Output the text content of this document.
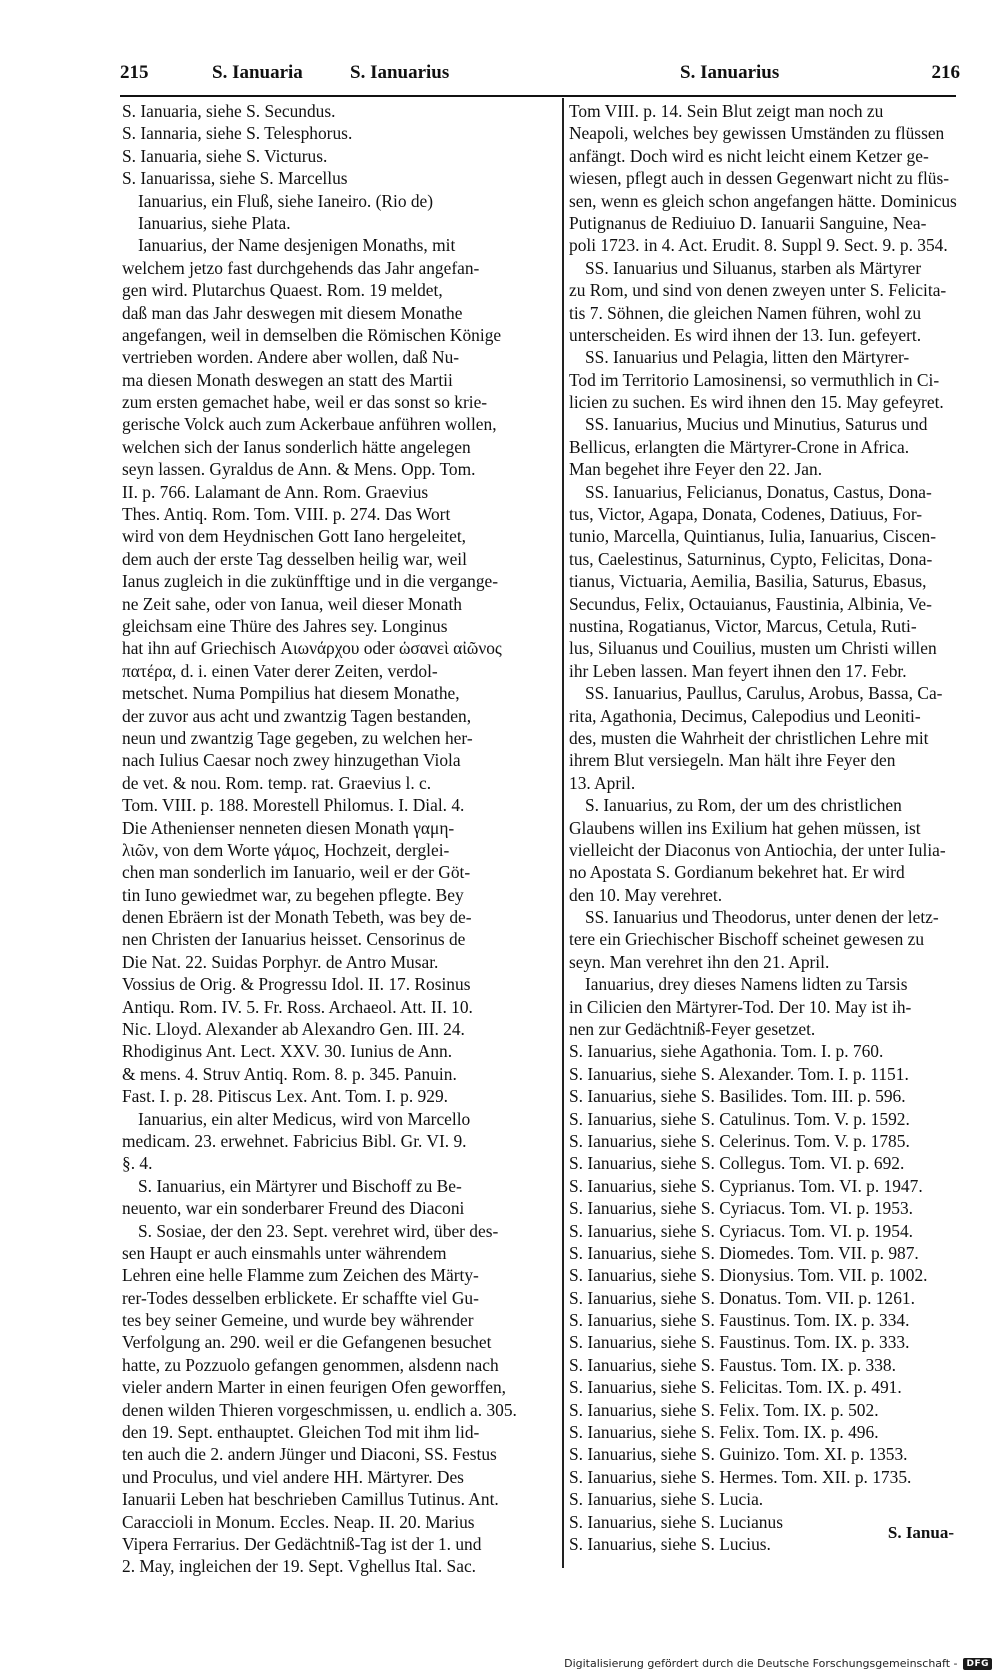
215	S. Ianuaria S. Ianuarius	S. Ianuarius	216
S. Ianuaria, siehe S. Secundus.
S. Iannaria, siehe S. Telesphorus.
S. Ianuaria, siehe S. Victurus.
S. Ianuarissa, siehe S. Marcellus
Ianuarius, ein Fluß, siehe Ianeiro. (Rio de)
Ianuarius, siehe Plata.
Ianuarius, der Name desjenigen Monaths, mit
welchem jetzo fast durchgehends das Jahr angefan-
gen wird. Plutarchus Quaest. Rom. 19 meldet,
daß man das Jahr deswegen mit diesem Monathe
angefangen, weil in demselben die Römischen Könige
vertrieben worden. Andere aber wollen, daß Nu-
ma diesen Monath deswegen an statt des Martii
zum ersten gemachet habe, weil er das sonst so krie-
gerische Volck auch zum Ackerbaue anführen wollen,
welchen sich der Ianus sonderlich hätte angelegen
seyn lassen. Gyraldus de Ann. & Mens. Opp. Tom.
II. p. 766. Lalamant de Ann. Rom. Graevius
Thes. Antiq. Rom. Tom. VIII. p. 274. Das Wort
wird von dem Heydnischen Gott Iano hergeleitet,
dem auch der erste Tag desselben heilig war, weil
Ianus zugleich in die zukünfftige und in die vergange-
ne Zeit sahe, oder von Ianua, weil dieser Monath
gleichsam eine Thüre des Jahres sey. Longinus
hat ihn auf Griechisch Αιωνάρχου oder ὡσανεὶ αἰῶνος
πατέρα, d. i. einen Vater derer Zeiten, verdol-
metschet. Numa Pompilius hat diesem Monathe,
der zuvor aus acht und zwantzig Tagen bestanden,
neun und zwantzig Tage gegeben, zu welchen her-
nach Iulius Caesar noch zwey hinzugethan Viola
de vet. & nou. Rom. temp. rat. Graevius l. c.
Tom. VIII. p. 188. Morestell Philomus. I. Dial. 4.
Die Athenienser nenneten diesen Monath γαμη-
λιῶν, von dem Worte γάμος, Hochzeit, derglei-
chen man sonderlich im Ianuario, weil er der Göt-
tin Iuno gewiedmet war, zu begehen pflegte. Bey
denen Ebräern ist der Monath Tebeth, was bey de-
nen Christen der Ianuarius heisset. Censorinus de
Die Nat. 22. Suidas Porphyr. de Antro Musar.
Vossius de Orig. & Progressu Idol. II. 17. Rosinus
Antiqu. Rom. IV. 5. Fr. Ross. Archaeol. Att. II. 10.
Nic. Lloyd. Alexander ab Alexandro Gen. III. 24.
Rhodiginus Ant. Lect. XXV. 30. Iunius de Ann.
& mens. 4. Struv Antiq. Rom. 8. p. 345. Panuin.
Fast. I. p. 28. Pitiscus Lex. Ant. Tom. I. p. 929.
Ianuarius, ein alter Medicus, wird von Marcello
medicam. 23. erwehnet. Fabricius Bibl. Gr. VI. 9.
§. 4.
S. Ianuarius, ein Märtyrer und Bischoff zu Be-
neuento, war ein sonderbarer Freund des Diaconi
S. Sosiae, der den 23. Sept. verehret wird, über des-
sen Haupt er auch einsmahls unter währendem
Lehren eine helle Flamme zum Zeichen des Märty-
rer-Todes desselben erblickete. Er schaffte viel Gu-
tes bey seiner Gemeine, und wurde bey währender
Verfolgung an. 290. weil er die Gefangenen besuchet
hatte, zu Pozzuolo gefangen genommen, alsdenn nach
vieler andern Marter in einen feurigen Ofen geworffen,
denen wilden Thieren vorgeschmissen, u. endlich a. 305.
den 19. Sept. enthauptet. Gleichen Tod mit ihm lid-
ten auch die 2. andern Jünger und Diaconi, SS. Festus
und Proculus, und viel andere HH. Märtyrer. Des
Ianuarii Leben hat beschrieben Camillus Tutinus. Ant.
Caraccioli in Monum. Eccles. Neap. II. 20. Marius
Vipera Ferrarius. Der Gedächtniß-Tag ist der 1. und
2. May, ingleichen der 19. Sept. Vghellus Ital. Sac.
Tom VIII. p. 14. Sein Blut zeigt man noch zu
Neapoli, welches bey gewissen Umständen zu flüssen
anfängt. Doch wird es nicht leicht einem Ketzer ge-
wiesen, pflegt auch in dessen Gegenwart nicht zu flüs-
sen, wenn es gleich schon angefangen hätte. Dominicus
Putignanus de Rediuiuo D. Ianuarii Sanguine, Nea-
poli 1723. in 4. Act. Erudit. 8. Suppl 9. Sect. 9. p. 354.
SS. Ianuarius und Siluanus, starben als Märtyrer
zu Rom, und sind von denen zweyen unter S. Felicita-
tis 7. Söhnen, die gleichen Namen führen, wohl zu
unterscheiden. Es wird ihnen der 13. Iun. gefeyert.
SS. Ianuarius und Pelagia, litten den Märtyrer-
Tod im Territorio Lamosinensi, so vermuthlich in Ci-
licien zu suchen. Es wird ihnen den 15. May gefeyret.
SS. Ianuarius, Mucius und Minutius, Saturus und
Bellicus, erlangten die Märtyrer-Crone in Africa.
Man begehet ihre Feyer den 22. Jan.
SS. Ianuarius, Felicianus, Donatus, Castus, Dona-
tus, Victor, Agapa, Donata, Codenes, Datiuus, For-
tunio, Marcella, Quintianus, Iulia, Ianuarius, Ciscen-
tus, Caelestinus, Saturninus, Cypto, Felicitas, Dona-
tianus, Victuaria, Aemilia, Basilia, Saturus, Ebasus,
Secundus, Felix, Octauianus, Faustinia, Albinia, Ve-
nustina, Rogatianus, Victor, Marcus, Cetula, Ruti-
lus, Siluanus und Couilius, musten um Christi willen
ihr Leben lassen. Man feyert ihnen den 17. Febr.
SS. Ianuarius, Paullus, Carulus, Arobus, Bassa, Ca-
rita, Agathonia, Decimus, Calepodius und Leoniti-
des, musten die Wahrheit der christlichen Lehre mit
ihrem Blut versiegeln. Man hält ihre Feyer den
13. April.
S. Ianuarius, zu Rom, der um des christlichen
Glaubens willen ins Exilium hat gehen müssen, ist
vielleicht der Diaconus von Antiochia, der unter Iulia-
no Apostata S. Gordianum bekehret hat. Er wird
den 10. May verehret.
SS. Ianuarius und Theodorus, unter denen der letz-
tere ein Griechischer Bischoff scheinet gewesen zu
seyn. Man verehret ihn den 21. April.
Ianuarius, drey dieses Namens lidten zu Tarsis
in Cilicien den Märtyrer-Tod. Der 10. May ist ih-
nen zur Gedächtniß-Feyer gesetzet.
S. Ianuarius, siehe Agathonia. Tom. I. p. 760.
S. Ianuarius, siehe S. Alexander. Tom. I. p. 1151.
S. Ianuarius, siehe S. Basilides. Tom. III. p. 596.
S. Ianuarius, siehe S. Catulinus. Tom. V. p. 1592.
S. Ianuarius, siehe S. Celerinus. Tom. V. p. 1785.
S. Ianuarius, siehe S. Collegus. Tom. VI. p. 692.
S. Ianuarius, siehe S. Cyprianus. Tom. VI. p. 1947.
S. Ianuarius, siehe S. Cyriacus. Tom. VI. p. 1953.
S. Ianuarius, siehe S. Cyriacus. Tom. VI. p. 1954.
S. Ianuarius, siehe S. Diomedes. Tom. VII. p. 987.
S. Ianuarius, siehe S. Dionysius. Tom. VII. p. 1002.
S. Ianuarius, siehe S. Donatus. Tom. VII. p. 1261.
S. Ianuarius, siehe S. Faustinus. Tom. IX. p. 334.
S. Ianuarius, siehe S. Faustinus. Tom. IX. p. 333.
S. Ianuarius, siehe S. Faustus. Tom. IX. p. 338.
S. Ianuarius, siehe S. Felicitas. Tom. IX. p. 491.
S. Ianuarius, siehe S. Felix. Tom. IX. p. 502.
S. Ianuarius, siehe S. Felix. Tom. IX. p. 496.
S. Ianuarius, siehe S. Guinizo. Tom. XI. p. 1353.
S. Ianuarius, siehe S. Hermes. Tom. XII. p. 1735.
S. Ianuarius, siehe S. Lucia.
S. Ianuarius, siehe S. Lucianus
S. Ianuarius, siehe S. Lucius.
S. Ianua-
Digitalisierung gefördert durch die Deutsche Forschungsgemeinschaft -	DFG
